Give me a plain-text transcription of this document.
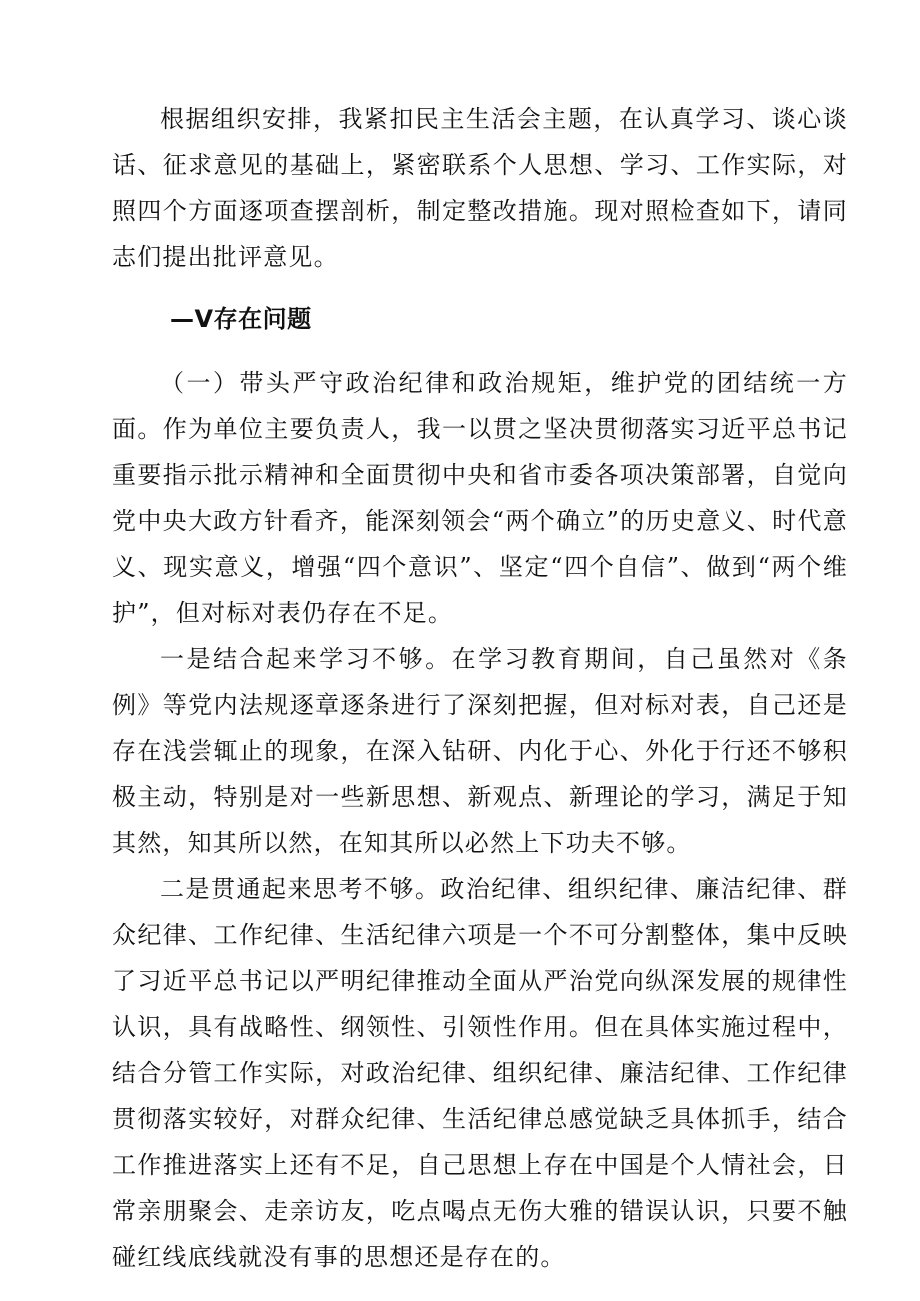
根据组织安排，我紧扣民主生活会主题，在认真学习、谈心谈话、征求意见的基础上，紧密联系个人思想、学习、工作实际，对照四个方面逐项查摆剖析，制定整改措施。现对照检查如下，请同志们提出批评意见。

—V存在问题

（一）带头严守政治纪律和政治规矩，维护党的团结统一方面。作为单位主要负责人，我一以贯之坚决贯彻落实习近平总书记重要指示批示精神和全面贯彻中央和省市委各项决策部署，自觉向党中央大政方针看齐，能深刻领会“两个确立”的历史意义、时代意义、现实意义，增强“四个意识”、坚定“四个自信”、做到“两个维护”，但对标对表仍存在不足。

一是结合起来学习不够。在学习教育期间，自己虽然对《条例》等党内法规逐章逐条进行了深刻把握，但对标对表，自己还是存在浅尝辄止的现象，在深入钻研、内化于心、外化于行还不够积极主动，特别是对一些新思想、新观点、新理论的学习，满足于知其然，知其所以然，在知其所以必然上下功夫不够。

二是贯通起来思考不够。政治纪律、组织纪律、廉洁纪律、群众纪律、工作纪律、生活纪律六项是一个不可分割整体，集中反映了习近平总书记以严明纪律推动全面从严治党向纵深发展的规律性认识，具有战略性、纲领性、引领性作用。但在具体实施过程中，结合分管工作实际，对政治纪律、组织纪律、廉洁纪律、工作纪律贯彻落实较好，对群众纪律、生活纪律总感觉缺乏具体抓手，结合工作推进落实上还有不足，自己思想上存在中国是个人情社会，日常亲朋聚会、走亲访友，吃点喝点无伤大雅的错误认识，只要不触碰红线底线就没有事的思想还是存在的。
